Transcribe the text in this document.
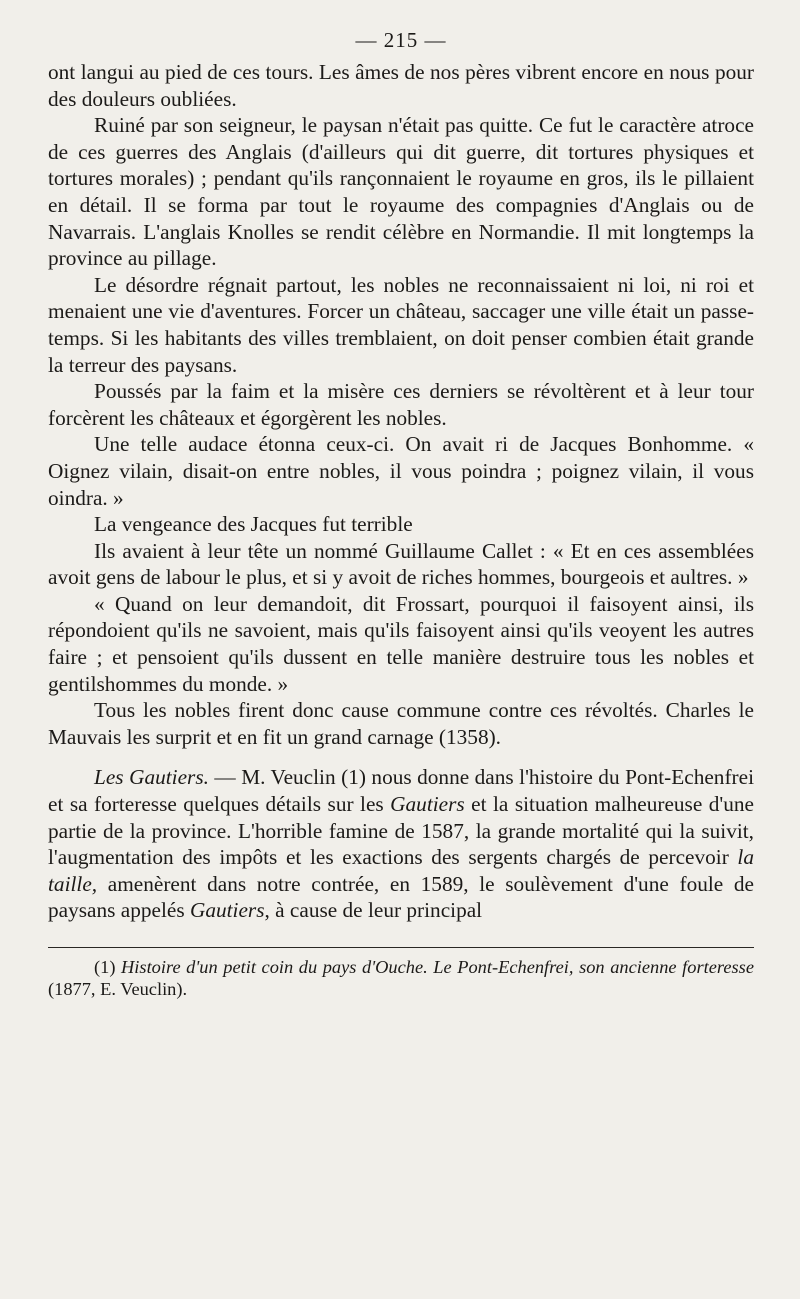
— 215 —

ont langui au pied de ces tours. Les âmes de nos pères vibrent encore en nous pour des douleurs oubliées.

Ruiné par son seigneur, le paysan n'était pas quitte. Ce fut le caractère atroce de ces guerres des Anglais (d'ailleurs qui dit guerre, dit tortures physiques et tortures morales) ; pendant qu'ils rançonnaient le royaume en gros, ils le pillaient en détail. Il se forma par tout le royaume des compagnies d'Anglais ou de Navarrais. L'anglais Knolles se rendit célèbre en Normandie. Il mit longtemps la province au pillage.

Le désordre régnait partout, les nobles ne reconnaissaient ni loi, ni roi et menaient une vie d'aventures. Forcer un château, saccager une ville était un passe-temps. Si les habitants des villes tremblaient, on doit penser combien était grande la terreur des paysans.

Poussés par la faim et la misère ces derniers se révoltèrent et à leur tour forcèrent les châteaux et égorgèrent les nobles.

Une telle audace étonna ceux-ci. On avait ri de Jacques Bonhomme. « Oignez vilain, disait-on entre nobles, il vous poindra ; poignez vilain, il vous oindra. »

La vengeance des Jacques fut terrible

Ils avaient à leur tête un nommé Guillaume Callet : « Et en ces assemblées avoit gens de labour le plus, et si y avoit de riches hommes, bourgeois et aultres. »

« Quand on leur demandoit, dit Frossart, pourquoi il faisoyent ainsi, ils répondoient qu'ils ne savoient, mais qu'ils faisoyent ainsi qu'ils veoyent les autres faire ; et pensoient qu'ils dussent en telle manière destruire tous les nobles et gentilshommes du monde. »

Tous les nobles firent donc cause commune contre ces révoltés. Charles le Mauvais les surprit et en fit un grand carnage (1358).

Les Gautiers. — M. Veuclin (1) nous donne dans l'histoire du Pont-Echenfrei et sa forteresse quelques détails sur les Gautiers et la situation malheureuse d'une partie de la province. L'horrible famine de 1587, la grande mortalité qui la suivit, l'augmentation des impôts et les exactions des sergents chargés de percevoir la taille, amenèrent dans notre contrée, en 1589, le soulèvement d'une foule de paysans appelés Gautiers, à cause de leur principal

(1) Histoire d'un petit coin du pays d'Ouche. Le Pont-Echenfrei, son ancienne forteresse (1877, E. Veuclin).
